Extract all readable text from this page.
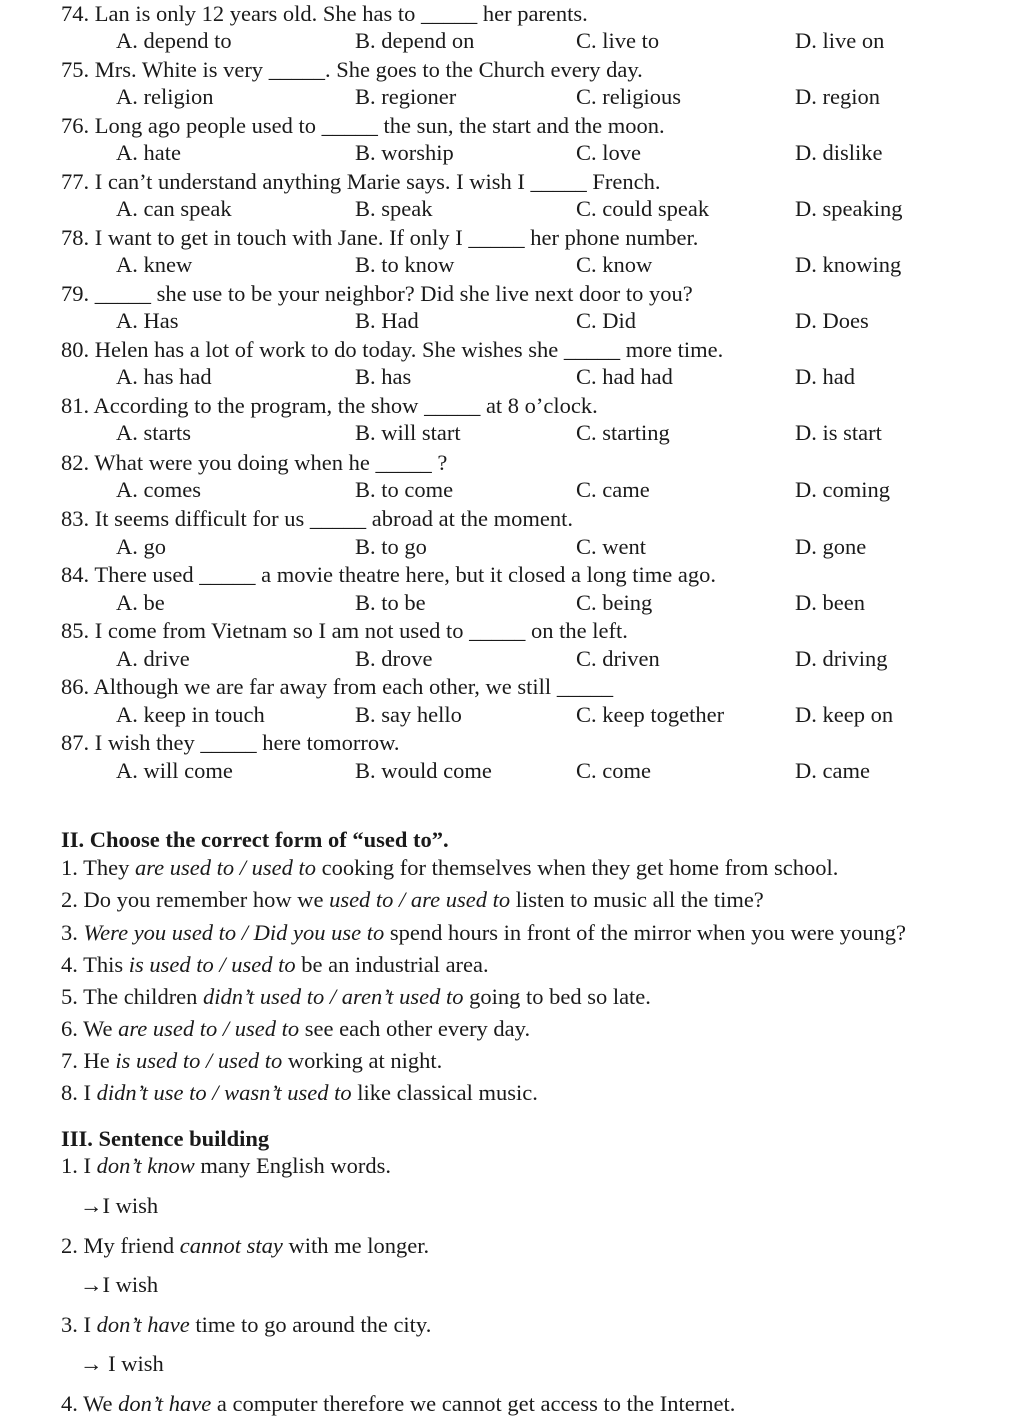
74. Lan is only 12 years old. She has to _____ her parents.
A. depend to	B. depend on	C. live to	D. live on
75. Mrs. White is very _____. She goes to the Church every day.
A. religion	B. regioner	C. religious	D. region
76. Long ago people used to _____ the sun, the start and the moon.
A. hate	B. worship	C. love	D. dislike
77. I can’t understand anything Marie says. I wish I _____ French.
A. can speak	B. speak	C. could speak	D. speaking
78. I want to get in touch with Jane. If only I _____ her phone number.
A. knew	B. to know	C. know	D. knowing
79. _____ she use to be your neighbor? Did she live next door to you?
A. Has	B. Had	C. Did	D. Does
80. Helen has a lot of work to do today. She wishes she _____ more time.
A. has had	B. has	C. had had	D. had
81. According to the program, the show _____ at 8 o’clock.
A. starts	B. will start	C. starting	D. is start
82. What were you doing when he _____ ?
A. comes	B. to come	C. came	D. coming
83. It seems difficult for us _____ abroad at the moment.
A. go	B. to go	C. went	D. gone
84. There used _____ a movie theatre here, but it closed a long time ago.
A. be	B. to be	C. being	D. been
85. I come from Vietnam so I am not used to _____ on the left.
A. drive	B. drove	C. driven	D. driving
86. Although we are far away from each other, we still _____
A. keep in touch	B. say hello	C. keep together	D. keep on
87. I wish they _____ here tomorrow.
A. will come	B. would come	C. come	D. came
II. Choose the correct form of “used to”.
1. They are used to / used to cooking for themselves when they get home from school.
2. Do you remember how we used to / are used to listen to music all the time?
3. Were you used to / Did you use to spend hours in front of the mirror when you were young?
4. This is used to / used to be an industrial area.
5. The children didn’t used to / aren’t used to going to bed so late.
6. We are used to / used to see each other every day.
7. He is used to / used to working at night.
8. I didn’t use to / wasn’t used to like classical music.
III. Sentence building
1. I don’t know many English words.
→I wish
2. My friend cannot stay with me longer.
→I wish
3. I don’t have time to go around the city.
→ I wish
4. We don’t have a computer therefore we cannot get access to the Internet.
